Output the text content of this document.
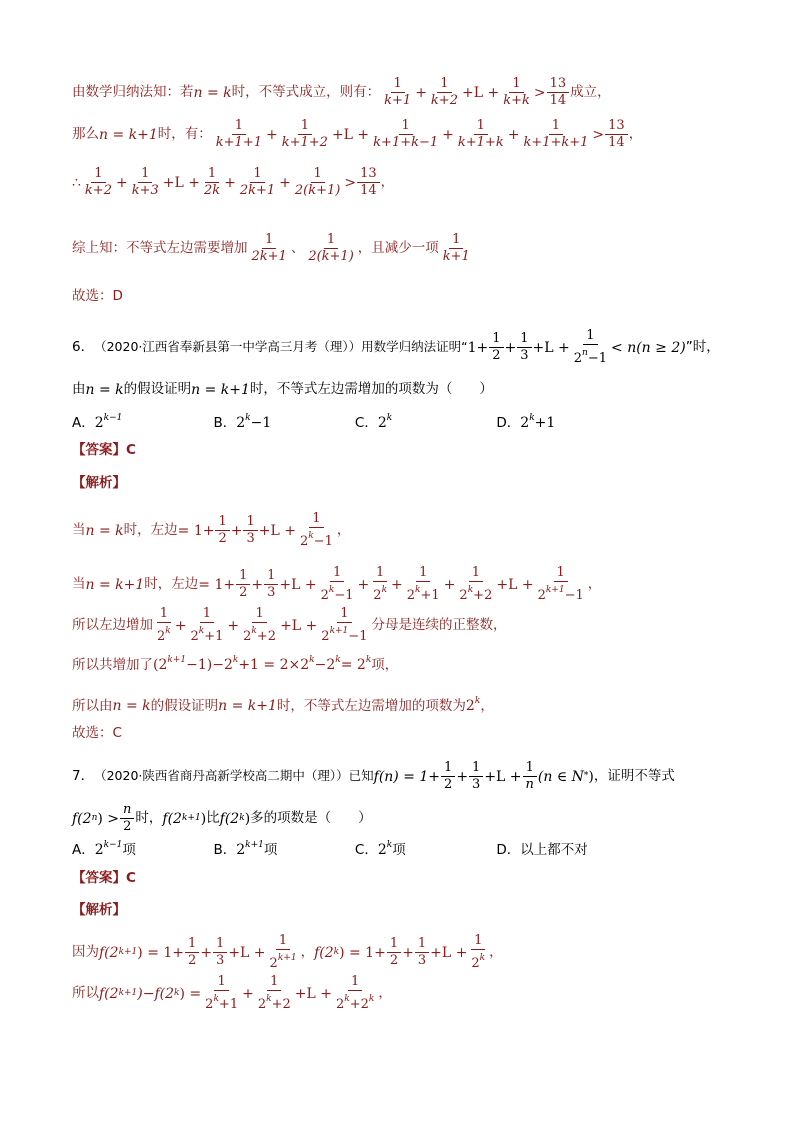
由数学归纳法知：若 n = k 时，不等式成立，则有： $\frac{1}{k+1} + \frac{1}{k+2} +L + \frac{1}{k+k} > \frac{13}{14}$ 成立，
那么 n = k+1 时，有： $\frac{1}{k+1+1} + \frac{1}{k+1+2} +L + \frac{1}{k+1+k-1} + \frac{1}{k+1+k} + \frac{1}{k+1+k+1} > \frac{13}{14}$ ，
∴ $\frac{1}{k+2} + \frac{1}{k+3} +L + \frac{1}{2k} + \frac{1}{2k+1} + \frac{1}{2(k+1)} > \frac{13}{14}$ ，
综上知：不等式左边需要增加 $\frac{1}{2k+1}$ 、 $\frac{1}{2(k+1)}$ ，且减少一项 $\frac{1}{k+1}$
故选：D
6． （2020·江西省奉新县第一中学高三月考（理））用数学归纳法证明“ $1+ \frac{1}{2} + \frac{1}{3} +L + \frac{1}{2^n-1} < n(n \ge 2)$ ”时，
由 n = k 的假设证明 n = k+1 时，不等式左边需增加的项数为（　　）
A．$2^{k-1}$	B．$2^k-1$	C．2$^k$	D．$2^k+1$
【答案】C
【解析】
当 n = k 时，左边 = $1+ \frac{1}{2} + \frac{1}{3} +L + \frac{1}{2^k-1}$ ，
当 n = k+1 时，左边 = $1+ \frac{1}{2} + \frac{1}{3} +L + \frac{1}{2^k-1} + \frac{1}{2^k} + \frac{1}{2^k+1} + \frac{1}{2^k+2} +L + \frac{1}{2^{k+1}-1}$ ，
所以左边增加 $\frac{1}{2^k} + \frac{1}{2^k+1} + \frac{1}{2^k+2} +L + \frac{1}{2^{k+1}-1}$ 分母是连续的正整数，
所以共增加了$(2^{k+1}-1)-2^k+1 = 2\times 2^k-2^k= 2^k$项，
所以由n = k的假设证明n = k+1时，不等式左边需增加的项数为2$^k$，
故选：C
7． （2020·陕西省商丹高新学校高二期中（理））已知 $f(n) = 1+ \frac{1}{2} + \frac{1}{3} +L + \frac{1}{n} (n$ ∈ N * ) ，证明不等式
f(2 n ) > $\frac{n}{2}$ 时， f(2 k+1 ) 比 f(2 k ) 多的项数是（　　）
A．$2^{k-1}$项	B．$2^{k+1}$项	C．2$^k$项	D．以上都不对
【答案】C
【解析】
因为 f(2 k+1 ) = $1+ \frac{1}{2} + \frac{1}{3} +L + \frac{1}{2^{k+1}}$ ， f(2 k ) = $1+ \frac{1}{2} + \frac{1}{3} +L + \frac{1}{2^k}$ ，
所以 f(2 k+1 )−f(2 k ) = $\frac{1}{2^k+1} + \frac{1}{2^k+2} +L + \frac{1}{2^k+2^k}$ ，
